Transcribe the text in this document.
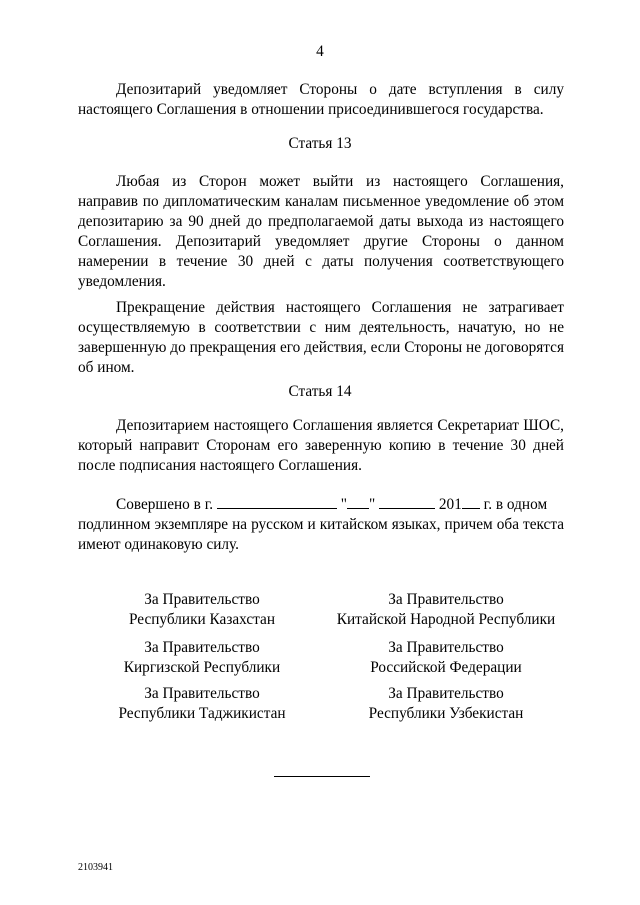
4

Депозитарий уведомляет Стороны о дате вступления в силу настоящего Соглашения в отношении присоединившегося государства.

Статья 13

Любая из Сторон может выйти из настоящего Соглашения, направив по дипломатическим каналам письменное уведомление об этом депозитарию за 90 дней до предполагаемой даты выхода из настоящего Соглашения. Депозитарий уведомляет другие Стороны о данном намерении в течение 30 дней с даты получения соответствующего уведомления.

Прекращение действия настоящего Соглашения не затрагивает осуществляемую в соответствии с ним деятельность, начатую, но не завершенную до прекращения его действия, если Стороны не договорятся об ином.

Статья 14

Депозитарием настоящего Соглашения является Секретариат ШОС, который направит Сторонам его заверенную копию в течение 30 дней после подписания настоящего Соглашения.

Совершено в г.	" "	201 г. в одном

подлинном экземпляре на русском и китайском языках, причем оба текста имеют одинаковую силу.

За Правительство
Республики Казахстан
За Правительство
Китайской Народной Республики
За Правительство
Киргизской Республики
За Правительство
Российской Федерации
За Правительство
Республики Таджикистан
За Правительство
Республики Узбекистан
2103941
